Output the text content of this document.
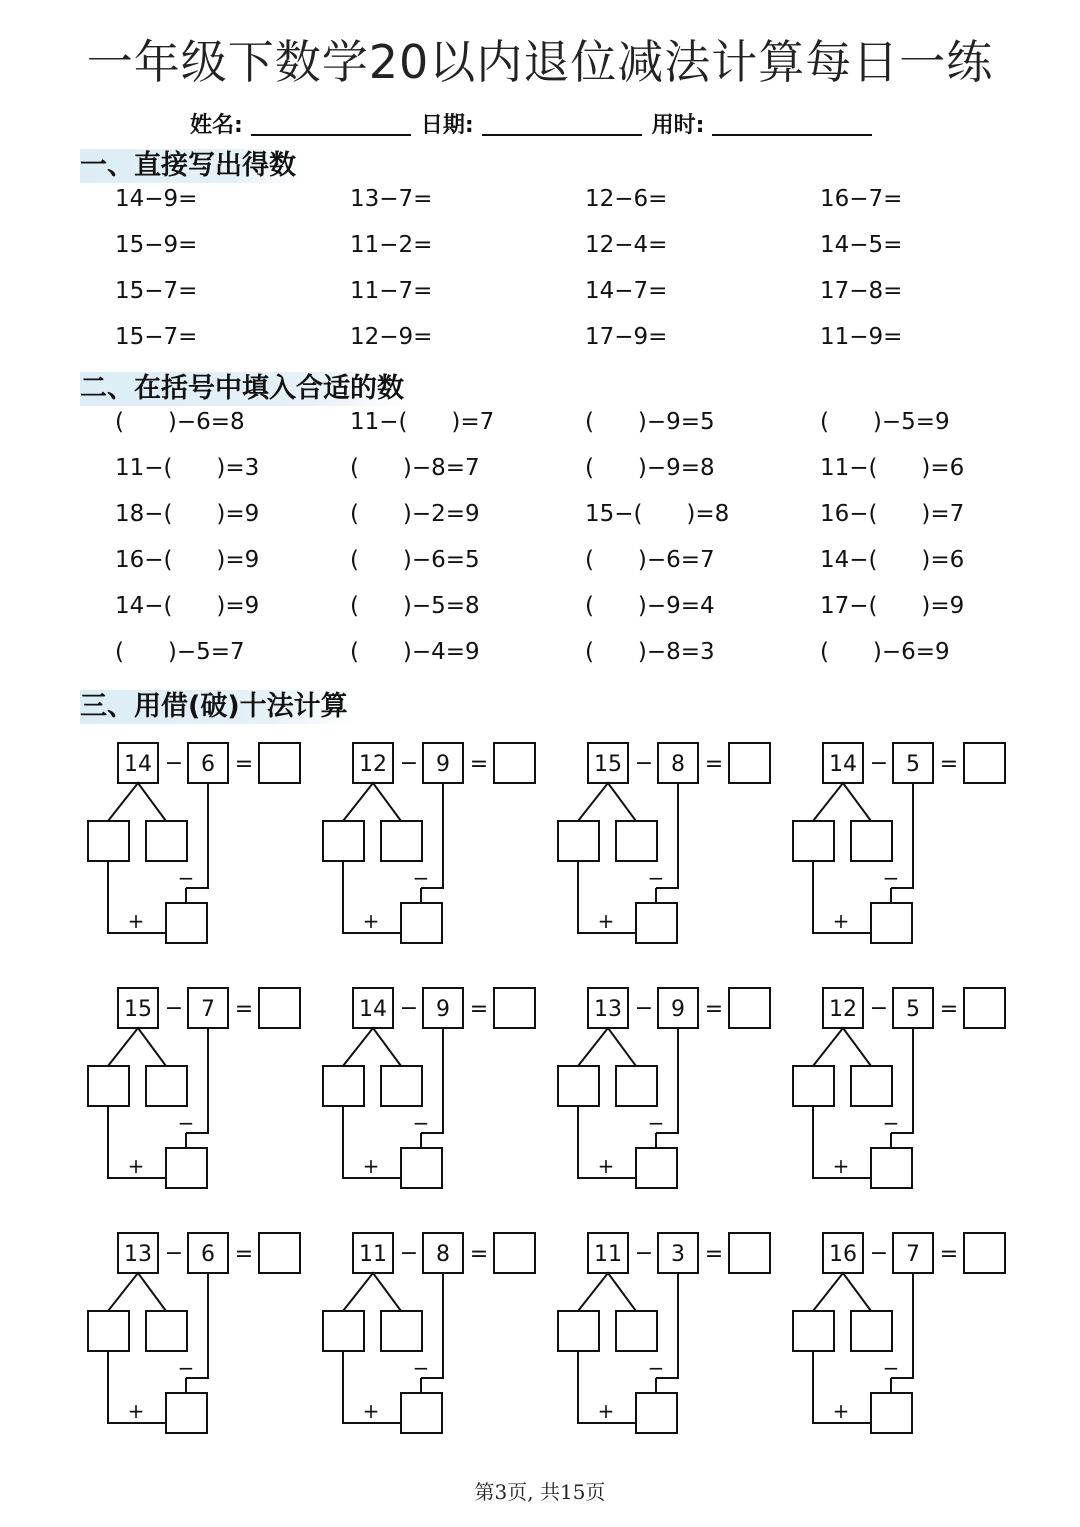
一年级下数学20以内退位减法计算每日一练
姓名:	日期:	用时:
一、直接写出得数
14−9=	13−7=	12−6=	16−7=
15−9=	11−2=	12−4=	14−5=
15−7=	11−7=	14−7=	17−8=
15−7=	12−9=	17−9=	11−9=
二、在括号中填入合适的数
(      )−6=8	11−(      )=7	(      )−9=5	(      )−5=9
11−(      )=3	(      )−8=7	(      )−9=8	11−(      )=6
18−(      )=9	(      )−2=9	15−(      )=8	16−(      )=7
16−(      )=9	(      )−6=5	(      )−6=7	14−(      )=6
14−(      )=9	(      )−5=8	(      )−9=4	17−(      )=9
(      )−5=7	(      )−4=9	(      )−8=3	(      )−6=9
三、用借(破)十法计算
14 − 6 =
−
+
12 − 9 =
−
+
15 − 8 =
−
+
14 − 5 =
−
+
15 − 7 =
−
+
14 − 9 =
−
+
13 − 9 =
−
+
12 − 5 =
−
+
13 − 6 =
−
+
11 − 8 =
−
+
11 − 3 =
−
+
16 − 7 =
−
+
第3页, 共15页
